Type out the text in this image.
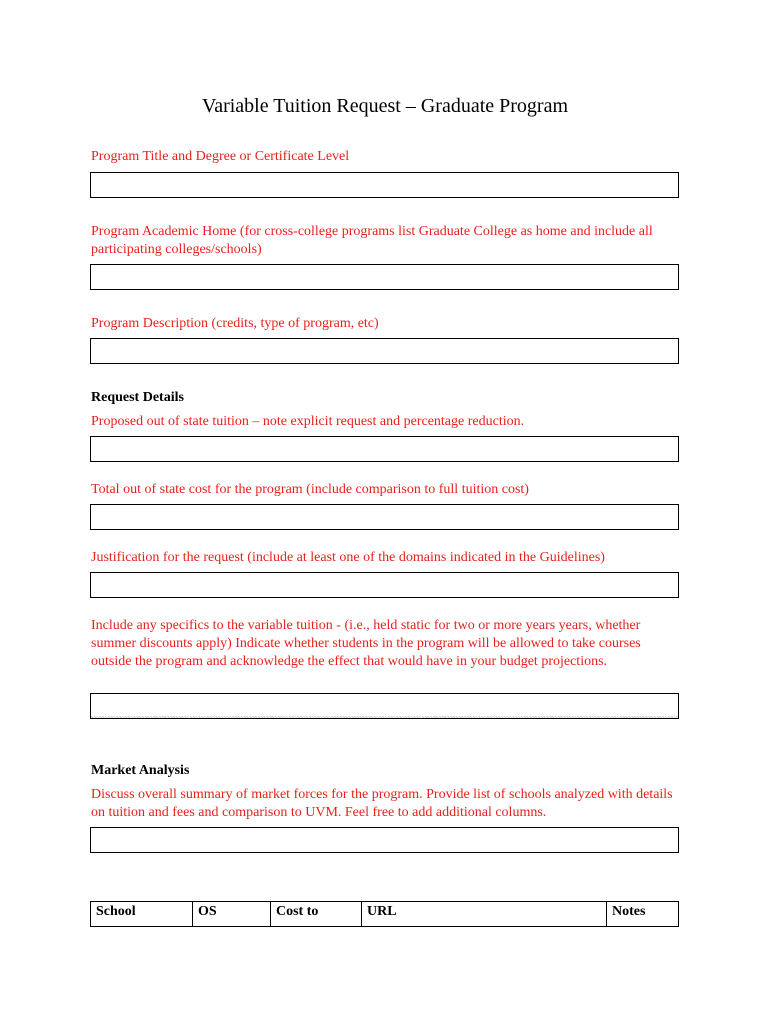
Variable Tuition Request – Graduate Program
Program Title and Degree or Certificate Level
Program Academic Home (for cross-college programs list Graduate College as home and include all participating colleges/schools)
Program Description (credits, type of program, etc)
Request Details
Proposed out of state tuition – note explicit request and percentage reduction.
Total out of state cost for the program (include comparison to full tuition cost)
Justification for the request (include at least one of the domains indicated in the Guidelines)
Include any specifics to the variable tuition - (i.e., held static for two or more years years, whether summer discounts apply) Indicate whether students in the program will be allowed to take courses outside the program and acknowledge the effect that would have in your budget projections.
Market Analysis
Discuss overall summary of market forces for the program. Provide list of schools analyzed with details on tuition and fees and comparison to UVM. Feel free to add additional columns.
School	OS	Cost to	URL	Notes
